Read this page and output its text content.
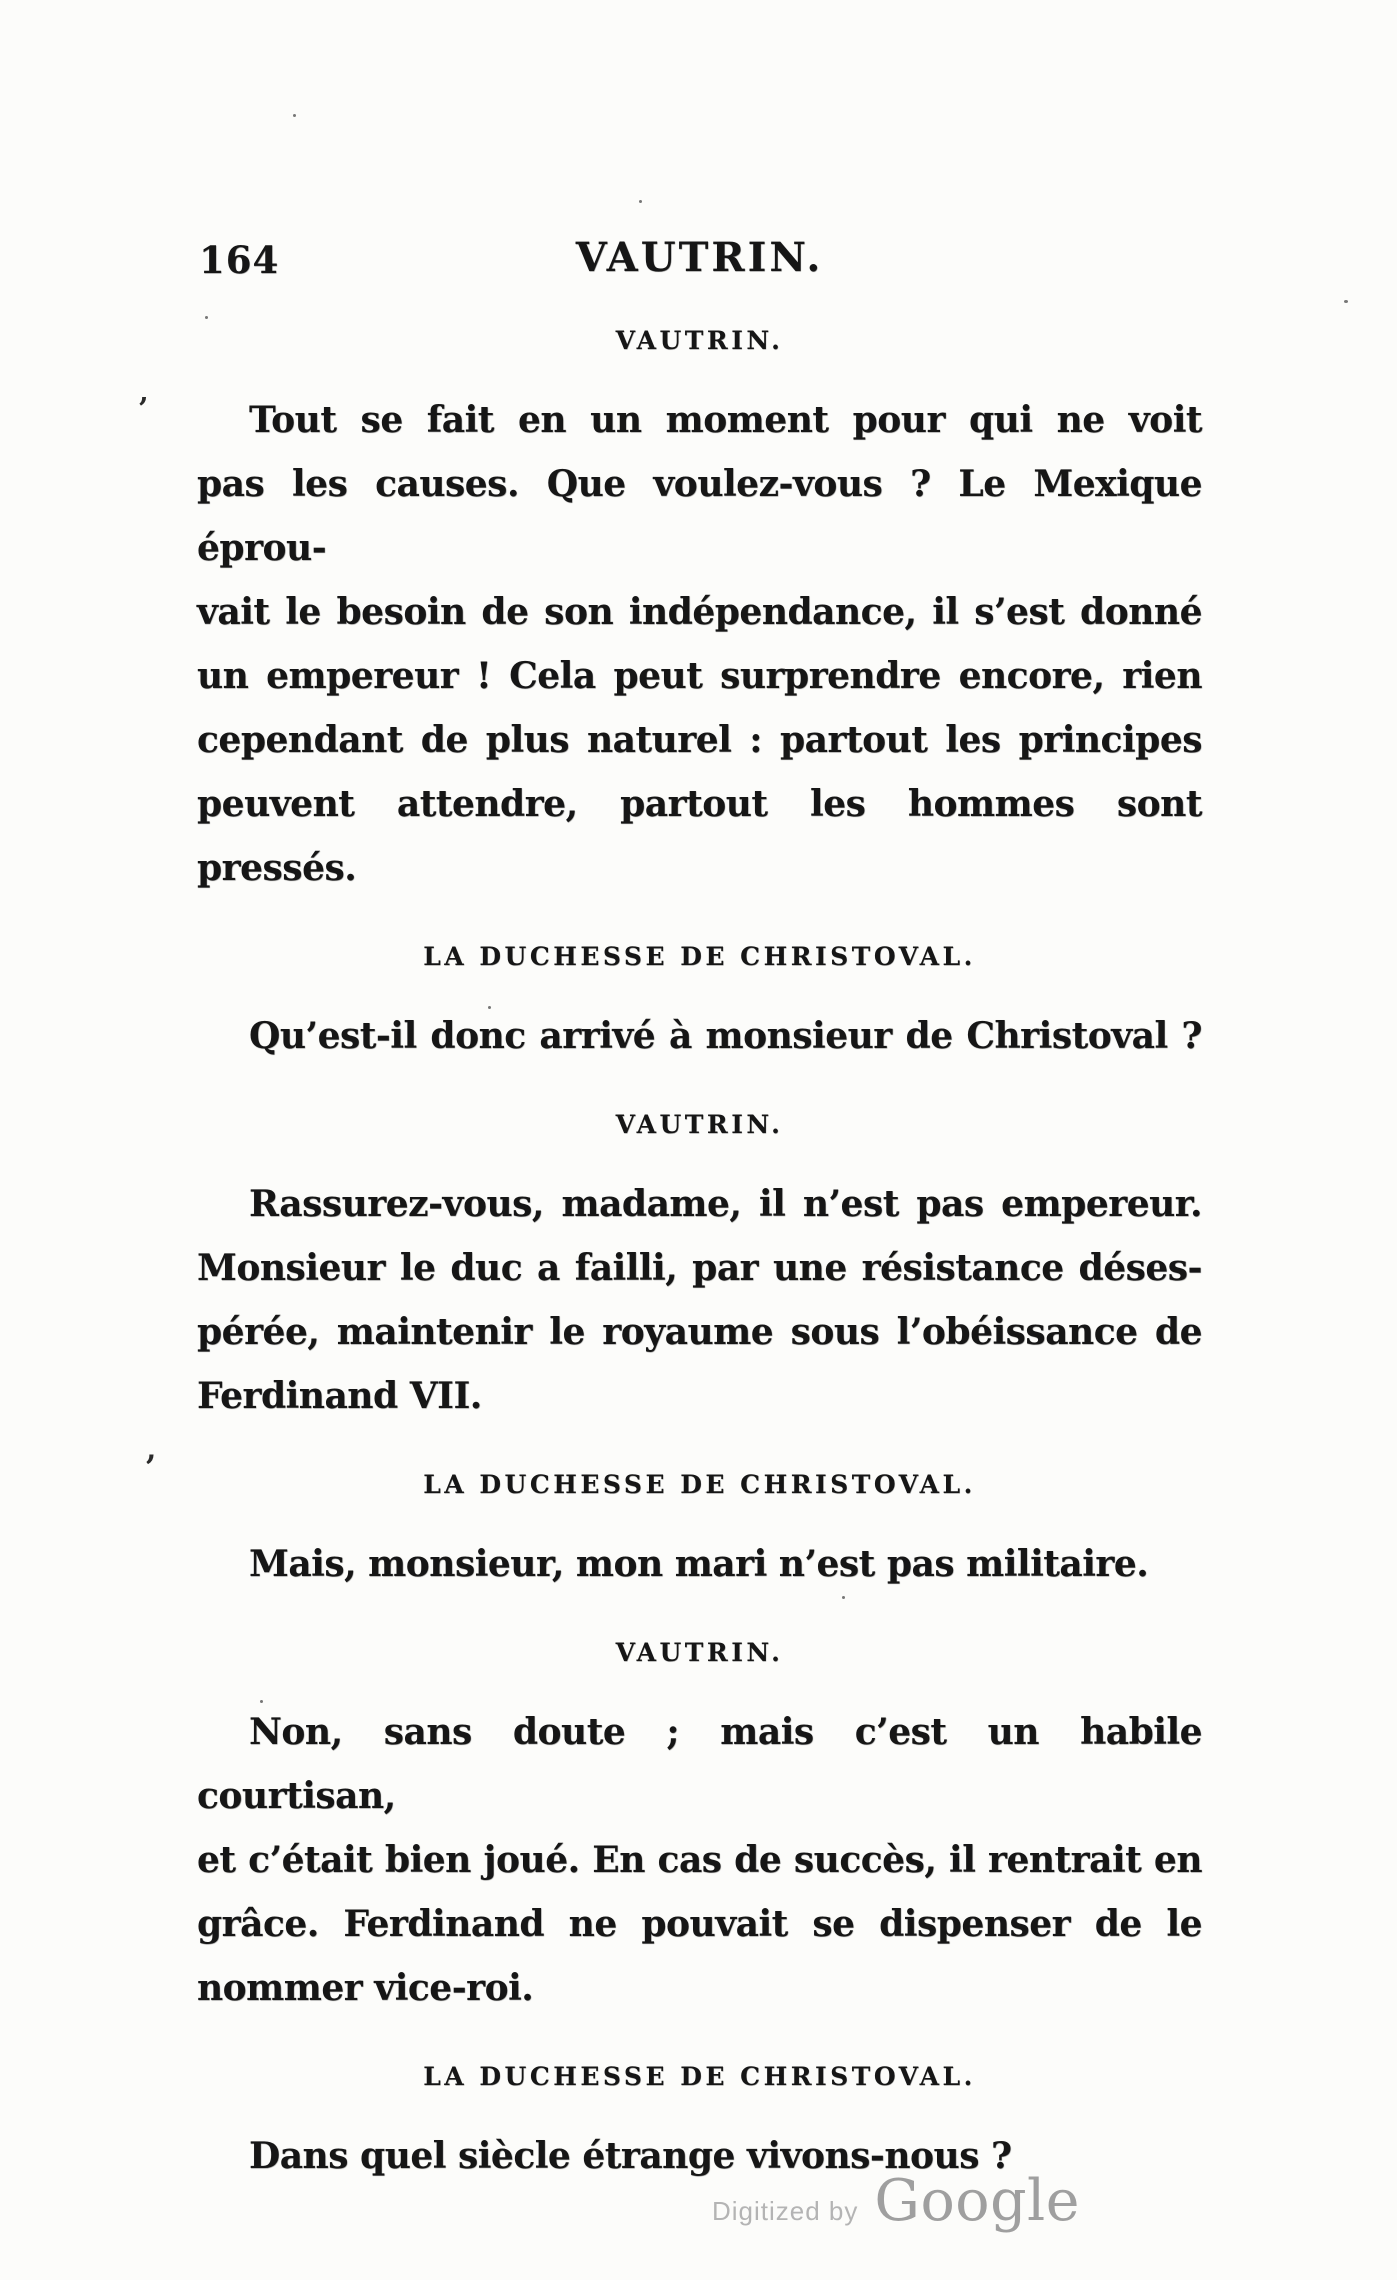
164	VAUTRIN.
VAUTRIN.
Tout se fait en un moment pour qui ne voit
pas les causes. Que voulez-vous ? Le Mexique éprou-
vait le besoin de son indépendance, il s’est donné
un empereur ! Cela peut surprendre encore, rien
cependant de plus naturel : partout les principes
peuvent attendre, partout les hommes sont pressés.
LA DUCHESSE DE CHRISTOVAL.
Qu’est-il donc arrivé à monsieur de Christoval ?
VAUTRIN.
Rassurez-vous, madame, il n’est pas empereur.
Monsieur le duc a failli, par une résistance déses-
pérée, maintenir le royaume sous l’obéissance de
Ferdinand VII.
LA DUCHESSE DE CHRISTOVAL.
Mais, monsieur, mon mari n’est pas militaire.
VAUTRIN.
Non, sans doute ; mais c’est un habile courtisan,
et c’était bien joué. En cas de succès, il rentrait en
grâce. Ferdinand ne pouvait se dispenser de le
nommer vice-roi.
LA DUCHESSE DE CHRISTOVAL.
Dans quel siècle étrange vivons-nous ?
’
,
Digitized by Google
